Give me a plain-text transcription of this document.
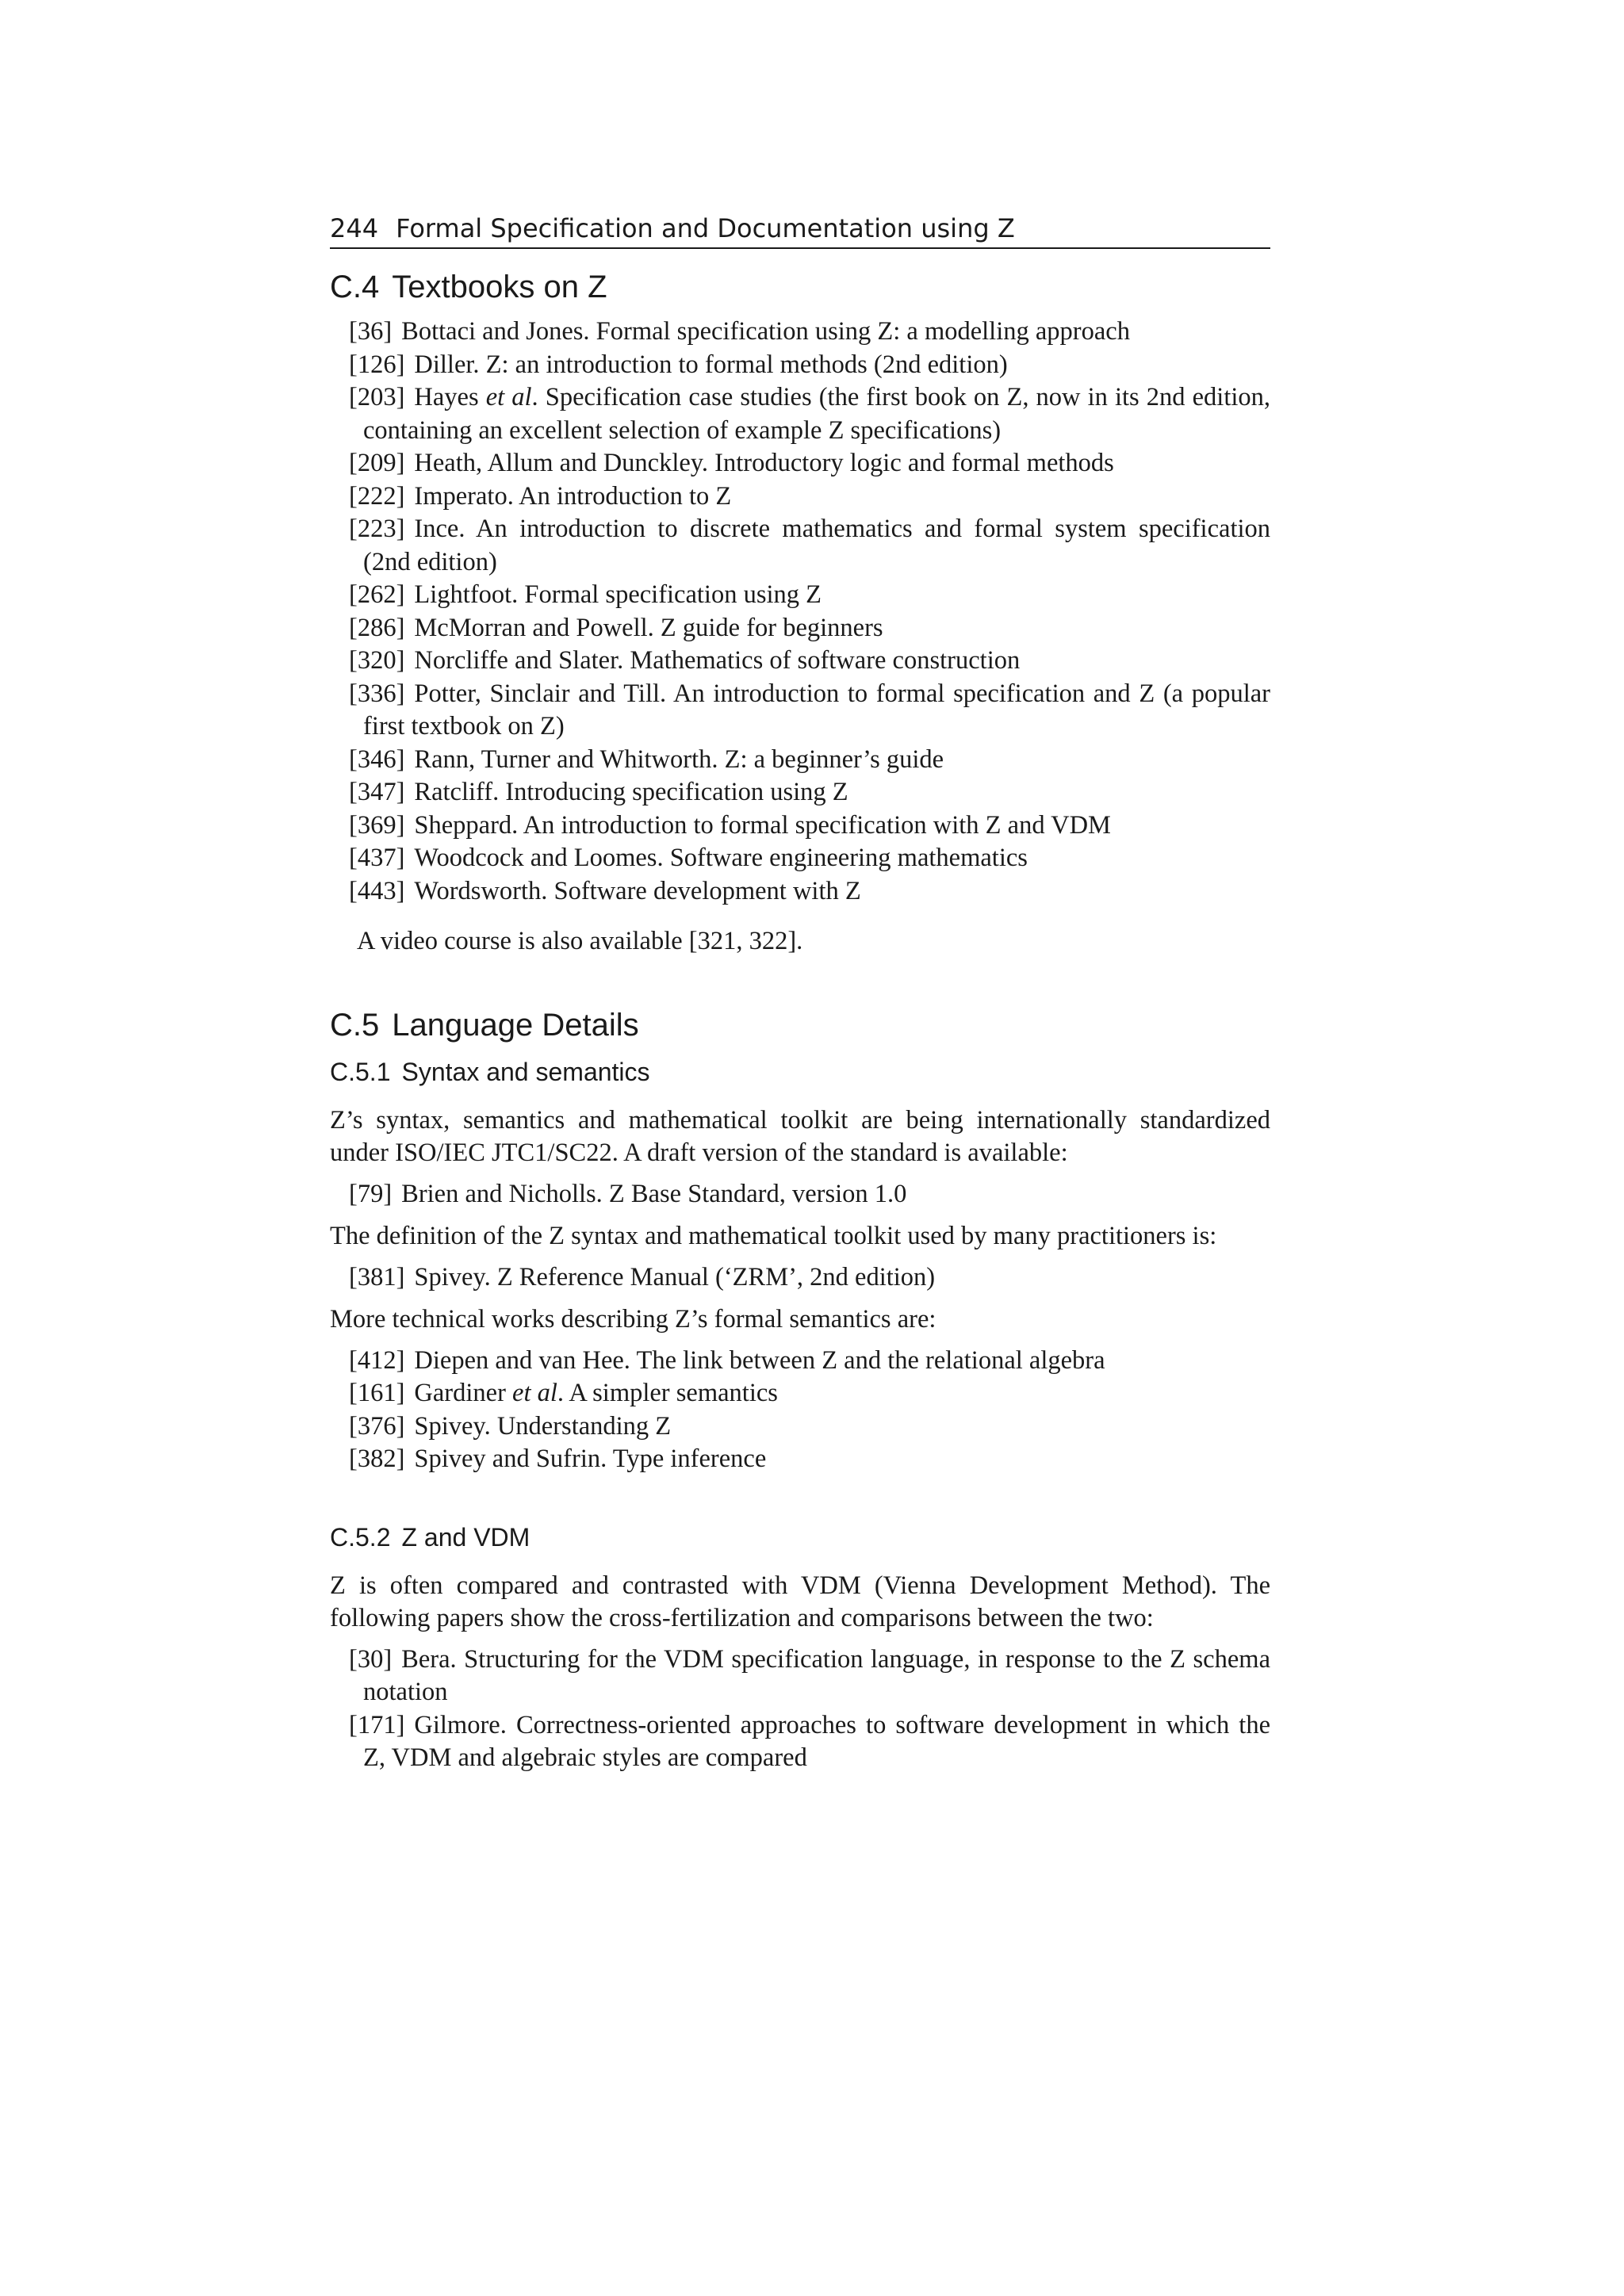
244 Formal Specification and Documentation using Z
C.4 Textbooks on Z
[36] Bottaci and Jones. Formal specification using Z: a modelling approach
[126] Diller. Z: an introduction to formal methods (2nd edition)
[203] Hayes et al. Specification case studies (the first book on Z, now in its 2nd edition, containing an excellent selection of example Z specifications)
[209] Heath, Allum and Dunckley. Introductory logic and formal methods
[222] Imperato. An introduction to Z
[223] Ince. An introduction to discrete mathematics and formal system specification (2nd edition)
[262] Lightfoot. Formal specification using Z
[286] McMorran and Powell. Z guide for beginners
[320] Norcliffe and Slater. Mathematics of software construction
[336] Potter, Sinclair and Till. An introduction to formal specification and Z (a popular first textbook on Z)
[346] Rann, Turner and Whitworth. Z: a beginner’s guide
[347] Ratcliff. Introducing specification using Z
[369] Sheppard. An introduction to formal specification with Z and VDM
[437] Woodcock and Loomes. Software engineering mathematics
[443] Wordsworth. Software development with Z

A video course is also available [321, 322].

C.5 Language Details
C.5.1 Syntax and semantics

Z’s syntax, semantics and mathematical toolkit are being internationally standardized under ISO/IEC JTC1/SC22. A draft version of the standard is available:

[79] Brien and Nicholls. Z Base Standard, version 1.0

The definition of the Z syntax and mathematical toolkit used by many practitioners is:

[381] Spivey. Z Reference Manual (‘ZRM’, 2nd edition)

More technical works describing Z’s formal semantics are:

[412] Diepen and van Hee. The link between Z and the relational algebra
[161] Gardiner et al. A simpler semantics
[376] Spivey. Understanding Z
[382] Spivey and Sufrin. Type inference
C.5.2 Z and VDM

Z is often compared and contrasted with VDM (Vienna Development Method). The following papers show the cross-fertilization and comparisons between the two:

[30] Bera. Structuring for the VDM specification language, in response to the Z schema notation
[171] Gilmore. Correctness-oriented approaches to software development in which the Z, VDM and algebraic styles are compared
